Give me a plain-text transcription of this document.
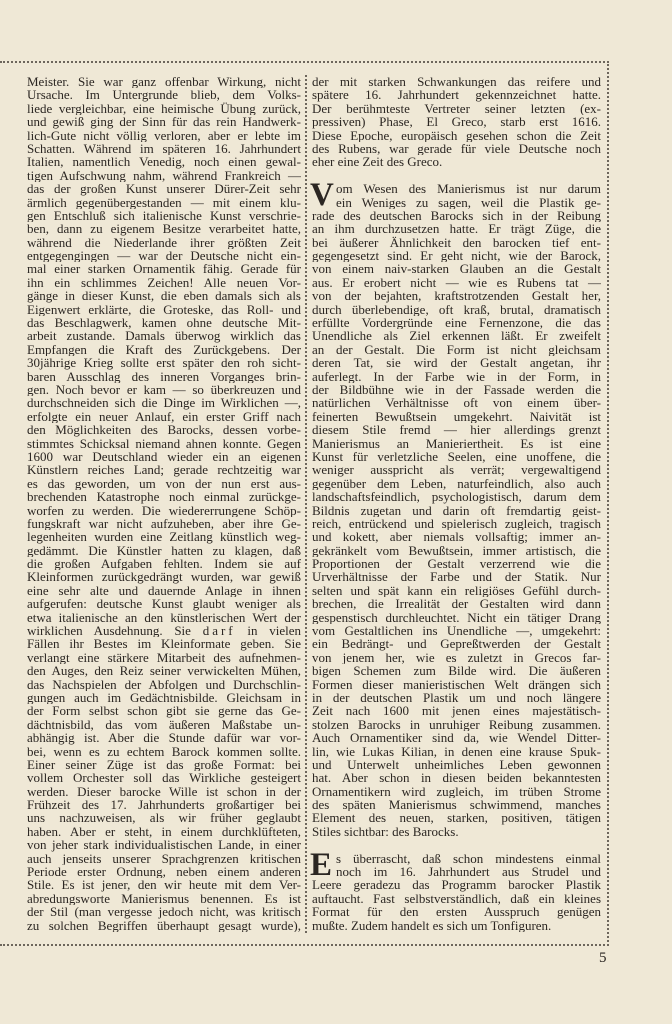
Meister. Sie war ganz offenbar Wirkung, nicht
Ursache. Im Untergrunde blieb, dem Volks-
liede vergleichbar, eine heimische Übung zurück,
und gewiß ging der Sinn für das rein Handwerk-
lich-Gute nicht völlig verloren, aber er lebte im
Schatten. Während im späteren 16. Jahrhundert
Italien, namentlich Venedig, noch einen gewal-
tigen Aufschwung nahm, während Frankreich —
das der großen Kunst unserer Dürer-Zeit sehr
ärmlich gegenübergestanden — mit einem klu-
gen Entschluß sich italienische Kunst verschrie-
ben, dann zu eigenem Besitze verarbeitet hatte,
während die Niederlande ihrer größten Zeit
entgegengingen — war der Deutsche nicht ein-
mal einer starken Ornamentik fähig. Gerade für
ihn ein schlimmes Zeichen! Alle neuen Vor-
gänge in dieser Kunst, die eben damals sich als
Eigenwert erklärte, die Groteske, das Roll- und
das Beschlagwerk, kamen ohne deutsche Mit-
arbeit zustande. Damals überwog wirklich das
Empfangen die Kraft des Zurückgebens. Der
30jährige Krieg sollte erst später den roh sicht-
baren Ausschlag des inneren Vorganges brin-
gen. Noch bevor er kam — so überkreuzen und
durchschneiden sich die Dinge im Wirklichen —,
erfolgte ein neuer Anlauf, ein erster Griff nach
den Möglichkeiten des Barocks, dessen vorbe-
stimmtes Schicksal niemand ahnen konnte. Gegen
1600 war Deutschland wieder ein an eigenen
Künstlern reiches Land; gerade rechtzeitig war
es das geworden, um von der nun erst aus-
brechenden Katastrophe noch einmal zurückge-
worfen zu werden. Die wiedererrungene Schöp-
fungskraft war nicht aufzuheben, aber ihre Ge-
legenheiten wurden eine Zeitlang künstlich weg-
gedämmt. Die Künstler hatten zu klagen, daß
die großen Aufgaben fehlten. Indem sie auf
Kleinformen zurückgedrängt wurden, war gewiß
eine sehr alte und dauernde Anlage in ihnen
aufgerufen: deutsche Kunst glaubt weniger als
etwa italienische an den künstlerischen Wert der
wirklichen Ausdehnung. Sie darf in vielen
Fällen ihr Bestes im Kleinformate geben. Sie
verlangt eine stärkere Mitarbeit des aufnehmen-
den Auges, den Reiz seiner verwickelten Mühen,
das Nachspielen der Abfolgen und Durchschlin-
gungen auch im Gedächtnisbilde. Gleichsam in
der Form selbst schon gibt sie gerne das Ge-
dächtnisbild, das vom äußeren Maßstabe un-
abhängig ist. Aber die Stunde dafür war vor-
bei, wenn es zu echtem Barock kommen sollte.
Einer seiner Züge ist das große Format: bei
vollem Orchester soll das Wirkliche gesteigert
werden. Dieser barocke Wille ist schon in der
Frühzeit des 17. Jahrhunderts großartiger bei
uns nachzuweisen, als wir früher geglaubt
haben. Aber er steht, in einem durchklüfteten,
von jeher stark individualistischen Lande, in einer
auch jenseits unserer Sprachgrenzen kritischen
Periode erster Ordnung, neben einem anderen
Stile. Es ist jener, den wir heute mit dem Ver-
abredungsworte Manierismus benennen. Es ist
der Stil (man vergesse jedoch nicht, was kritisch
zu solchen Begriffen überhaupt gesagt wurde),
der mit starken Schwankungen das reifere und
spätere 16. Jahrhundert gekennzeichnet hatte.
Der berühmteste Vertreter seiner letzten (ex-
pressiven) Phase, El Greco, starb erst 1616.
Diese Epoche, europäisch gesehen schon die Zeit
des Rubens, war gerade für viele Deutsche noch
eher eine Zeit des Greco.
V om Wesen des Manierismus ist nur darum
ein Weniges zu sagen, weil die Plastik ge-
rade des deutschen Barocks sich in der Reibung
an ihm durchzusetzen hatte. Er trägt Züge, die
bei äußerer Ähnlichkeit den barocken tief ent-
gegengesetzt sind. Er geht nicht, wie der Barock,
von einem naiv-starken Glauben an die Gestalt
aus. Er erobert nicht — wie es Rubens tat —
von der bejahten, kraftstrotzenden Gestalt her,
durch überlebendige, oft kraß, brutal, dramatisch
erfüllte Vordergründe eine Fernenzone, die das
Unendliche als Ziel erkennen läßt. Er zweifelt
an der Gestalt. Die Form ist nicht gleichsam
deren Tat, sie wird der Gestalt angetan, ihr
auferlegt. In der Farbe wie in der Form, in
der Bildbühne wie in der Fassade werden die
natürlichen Verhältnisse oft von einem über-
feinerten Bewußtsein umgekehrt. Naivität ist
diesem Stile fremd — hier allerdings grenzt
Manierismus an Manieriertheit. Es ist eine
Kunst für verletzliche Seelen, eine unoffene, die
weniger ausspricht als verrät; vergewaltigend
gegenüber dem Leben, naturfeindlich, also auch
landschaftsfeindlich, psychologistisch, darum dem
Bildnis zugetan und darin oft fremdartig geist-
reich, entrückend und spielerisch zugleich, tragisch
und kokett, aber niemals vollsaftig; immer an-
gekränkelt vom Bewußtsein, immer artistisch, die
Proportionen der Gestalt verzerrend wie die
Urverhältnisse der Farbe und der Statik. Nur
selten und spät kann ein religiöses Gefühl durch-
brechen, die Irrealität der Gestalten wird dann
gespenstisch durchleuchtet. Nicht ein tätiger Drang
vom Gestaltlichen ins Unendliche —, umgekehrt:
ein Bedrängt- und Gepreßtwerden der Gestalt
von jenem her, wie es zuletzt in Grecos far-
bigen Schemen zum Bilde wird. Die äußeren
Formen dieser manieristischen Welt drängen sich
in der deutschen Plastik um und noch längere
Zeit nach 1600 mit jenen eines majestätisch-
stolzen Barocks in unruhiger Reibung zusammen.
Auch Ornamentiker sind da, wie Wendel Ditter-
lin, wie Lukas Kilian, in denen eine krause Spuk-
und Unterwelt unheimliches Leben gewonnen
hat. Aber schon in diesen beiden bekanntesten
Ornamentikern wird zugleich, im trüben Strome
des späten Manierismus schwimmend, manches
Element des neuen, starken, positiven, tätigen
Stiles sichtbar: des Barocks.
E s überrascht, daß schon mindestens einmal
noch im 16. Jahrhundert aus Strudel und
Leere geradezu das Programm barocker Plastik
auftaucht. Fast selbstverständlich, daß ein kleines
Format für den ersten Ausspruch genügen
mußte. Zudem handelt es sich um Tonfiguren.
5
